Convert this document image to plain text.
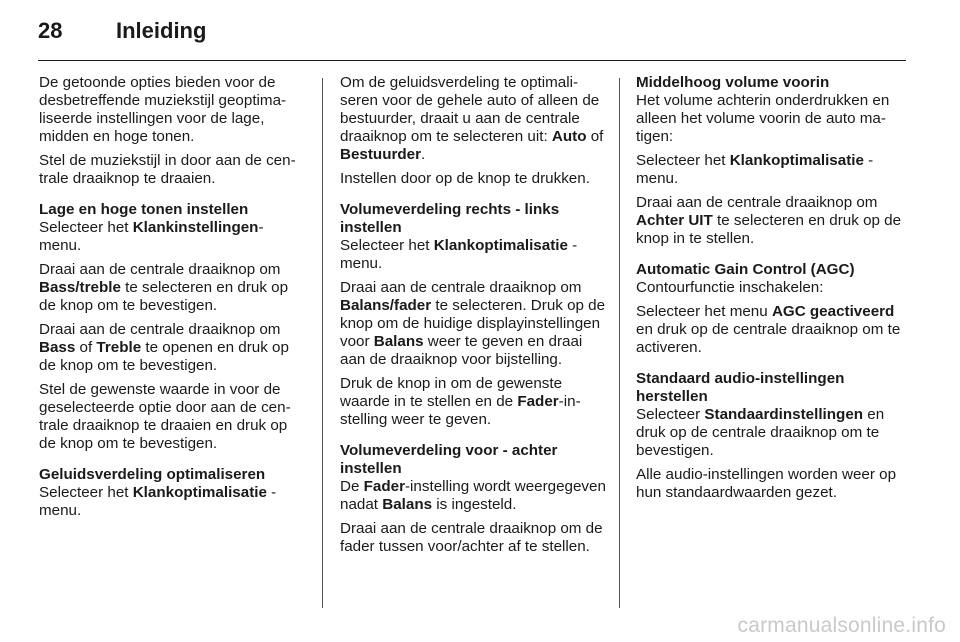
28	Inleiding

De getoonde opties bieden voor de desbetreffende muziekstijl geoptimaliseerde instellingen voor de lage, midden en hoge tonen.

Stel de muziekstijl in door aan de centrale draaiknop te draaien.

Lage en hoge tonen instellen

Selecteer het Klankinstellingen- menu.

Draai aan de centrale draaiknop om Bass/treble te selecteren en druk op de knop om te bevestigen.

Draai aan de centrale draaiknop om Bass of Treble te openen en druk op de knop om te bevestigen.

Stel de gewenste waarde in voor de geselecteerde optie door aan de centrale draaiknop te draaien en druk op de knop om te bevestigen.

Geluidsverdeling optimaliseren

Selecteer het Klankoptimalisatie - menu.

Om de geluidsverdeling te optimaliseren voor de gehele auto of alleen de bestuurder, draait u aan de centrale draaiknop om te selecteren uit: Auto of Bestuurder.

Instellen door op de knop te drukken.

Volumeverdeling rechts - links instellen

Selecteer het Klankoptimalisatie - menu.

Draai aan de centrale draaiknop om Balans/fader te selecteren. Druk op de knop om de huidige displayinstellingen voor Balans weer te geven en draai aan de draaiknop voor bijstelling.

Druk de knop in om de gewenste waarde in te stellen en de Fader-instelling weer te geven.

Volumeverdeling voor - achter instellen

De Fader-instelling wordt weergegeven nadat Balans is ingesteld.

Draai aan de centrale draaiknop om de fader tussen voor/achter af te stellen.

Middelhoog volume voorin

Het volume achterin onderdrukken en alleen het volume voorin de auto matigen:

Selecteer het Klankoptimalisatie - menu.

Draai aan de centrale draaiknop om Achter UIT te selecteren en druk op de knop in te stellen.

Automatic Gain Control (AGC)

Contourfunctie inschakelen:

Selecteer het menu AGC geactiveerd en druk op de centrale draaiknop om te activeren.

Standaard audio-instellingen herstellen

Selecteer Standaardinstellingen en druk op de centrale draaiknop om te bevestigen.

Alle audio-instellingen worden weer op hun standaardwaarden gezet.

carmanualsonline.info
